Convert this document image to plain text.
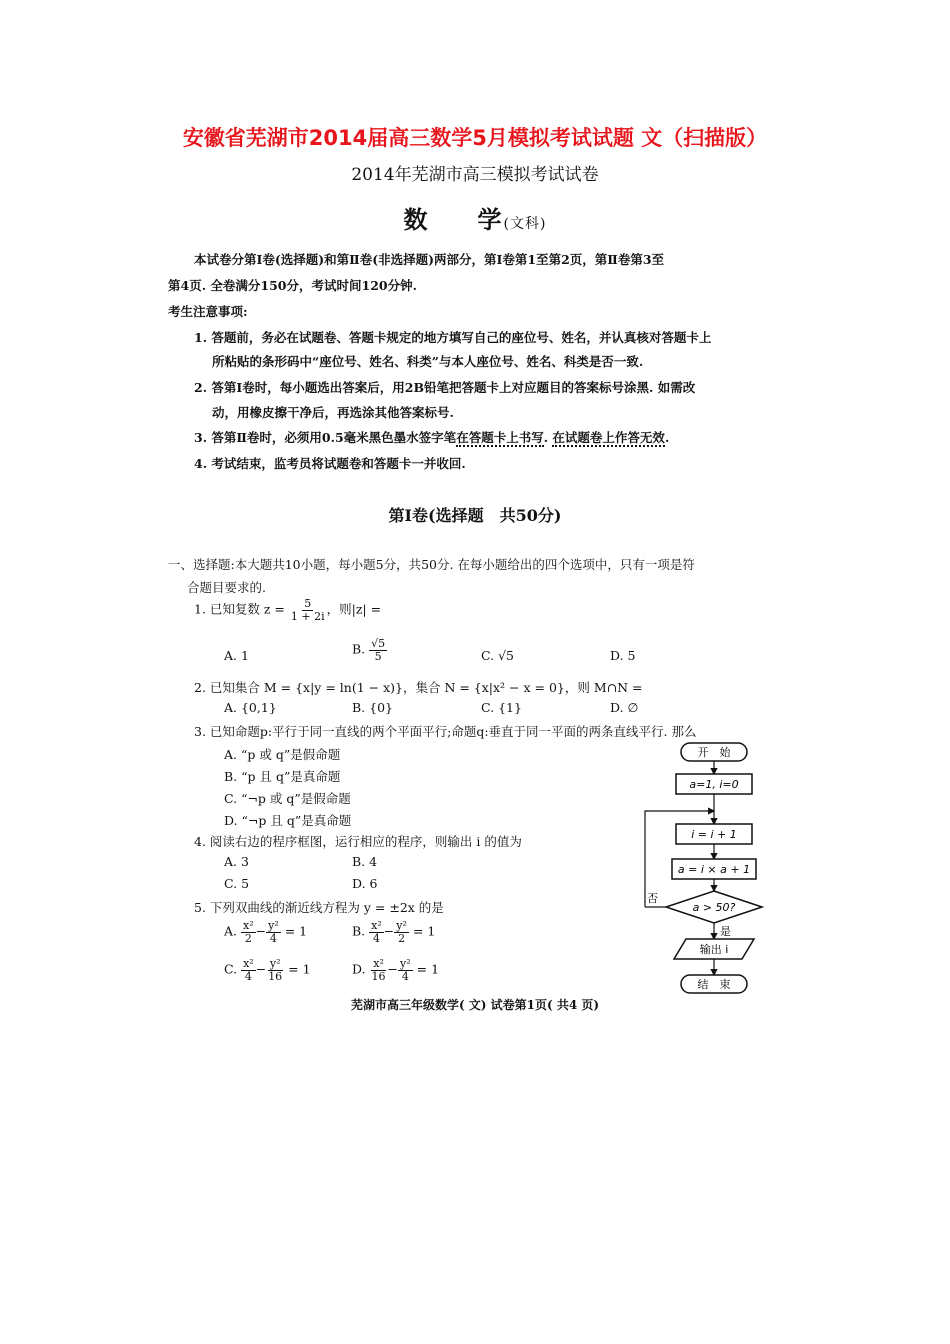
安徽省芜湖市2014届高三数学5月模拟考试试题 文（扫描版）
2014年芜湖市高三模拟考试试卷
数 学(文科)
本试卷分第Ⅰ卷(选择题)和第Ⅱ卷(非选择题)两部分，第Ⅰ卷第1至第2页，第Ⅱ卷第3至
第4页. 全卷满分150分，考试时间120分钟.
考生注意事项:
1. 答题前，务必在试题卷、答题卡规定的地方填写自己的座位号、姓名，并认真核对答题卡上
所粘贴的条形码中“座位号、姓名、科类”与本人座位号、姓名、科类是否一致.
2. 答第Ⅰ卷时，每小题选出答案后，用2B铅笔把答题卡上对应题目的答案标号涂黑. 如需改
动，用橡皮擦干净后，再选涂其他答案标号.
3. 答第Ⅱ卷时，必须用0.5毫米黑色墨水签字笔在答题卡上书写. 在试题卷上作答无效.
4. 考试结束，监考员将试题卷和答题卡一并收回.
第Ⅰ卷(选择题　共50分)
一、选择题:本大题共10小题，每小题5分，共50分. 在每小题给出的四个选项中，只有一项是符
合题目要求的.
1. 已知复数 $z = \frac{5}{1 + 2i}$ ，则|z| =
A. 1	B. $\frac{√5}{5}$	C. √5	D. 5
2. 已知集合 M = {x|y = ln(1 − x)}，集合 N = {x|x² − x = 0}，则 M∩N =
A. {0,1}	B. {0}	C. {1}	D. ∅
3. 已知命题p:平行于同一直线的两个平面平行;命题q:垂直于同一平面的两条直线平行. 那么
A. “p 或 q”是假命题
B. “p 且 q”是真命题
C. “¬p 或 q”是假命题
D. “¬p 且 q”是真命题
4. 阅读右边的程序框图，运行相应的程序，则输出 i 的值为
A. 3	B. 4
C. 5	D. 6
5. 下列双曲线的渐近线方程为 y = ±2x 的是
A. $\frac{\text{x²}}{2} - \frac{\text{y²}}{4} = 1$	B. $\frac{\text{x²}}{4} - \frac{\text{y²}}{2} = 1$
C. $\frac{\text{x²}}{4} - \frac{\text{y²}}{16} = 1$	D. $\frac{\text{x²}}{16} - \frac{\text{y²}}{4} = 1$
开　始
a=1, i=0
i = i + 1
a = i × a + 1
a > 50?
否
是
输出 i
结　束
芜湖市高三年级数学( 文) 试卷第1页( 共4 页)
